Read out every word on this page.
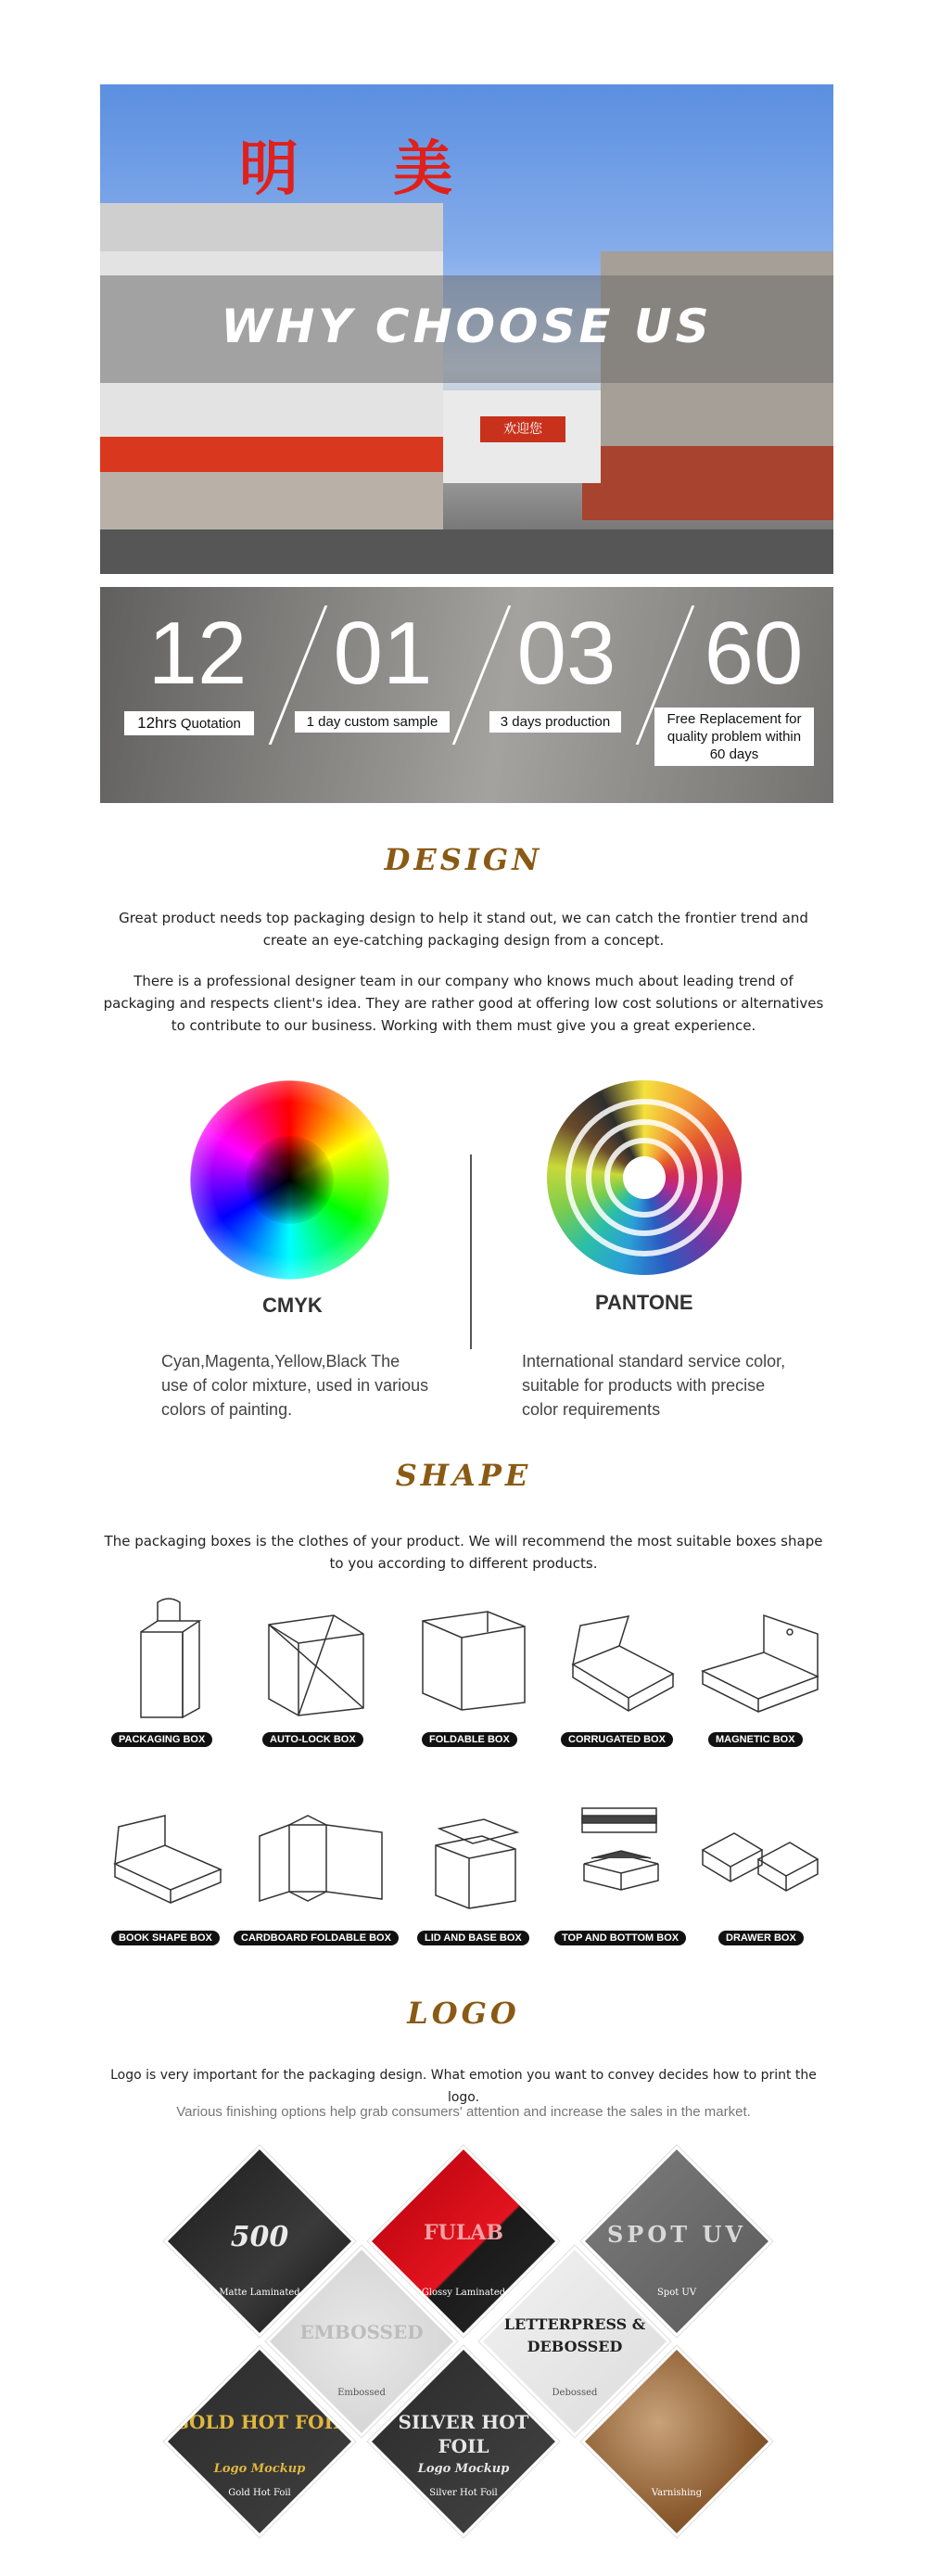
欢迎您
明 美
WHY CHOOSE US
12 01 03 60
12hrs Quotation	1 day custom sample	3 days production	Free Replacement for quality problem within 60 days
DESIGN
Great product needs top packaging design to help it stand out, we can catch the frontier trend and create an eye-catching packaging design from a concept.
There is a professional designer team in our company who knows much about leading trend of packaging and respects client's idea. They are rather good at offering low cost solutions or alternatives to contribute to our business. Working with them must give you a great experience.
CMYK	PANTONE
Cyan,Magenta,Yellow,Black The use of color mixture, used in various colors of painting.
International standard service color, suitable for products with precise color requirements
SHAPE
The packaging boxes is the clothes of your product. We will recommend the most suitable boxes shape to you according to different products.
PACKAGING BOX	AUTO-LOCK BOX	FOLDABLE BOX	CORRUGATED BOX	MAGNETIC BOX
BOOK SHAPE BOX	CARDBOARD FOLDABLE BOX	LID AND BASE BOX	TOP AND BOTTOM BOX	DRAWER BOX
LOGO
Logo is very important for the packaging design. What emotion you want to convey decides how to print the logo.
Various finishing options help grab consumers' attention and increase the sales in the market.
500
Matte Laminated
FULAB
Glossy Laminated
SPOT UV
Spot UV
EMBOSSED
Embossed
LETTERPRESS & DEBOSSED
Debossed
GOLD HOT FOIL
Logo Mockup
Gold Hot Foil
SILVER HOT FOIL
Logo Mockup
Silver Hot Foil	Varnishing
